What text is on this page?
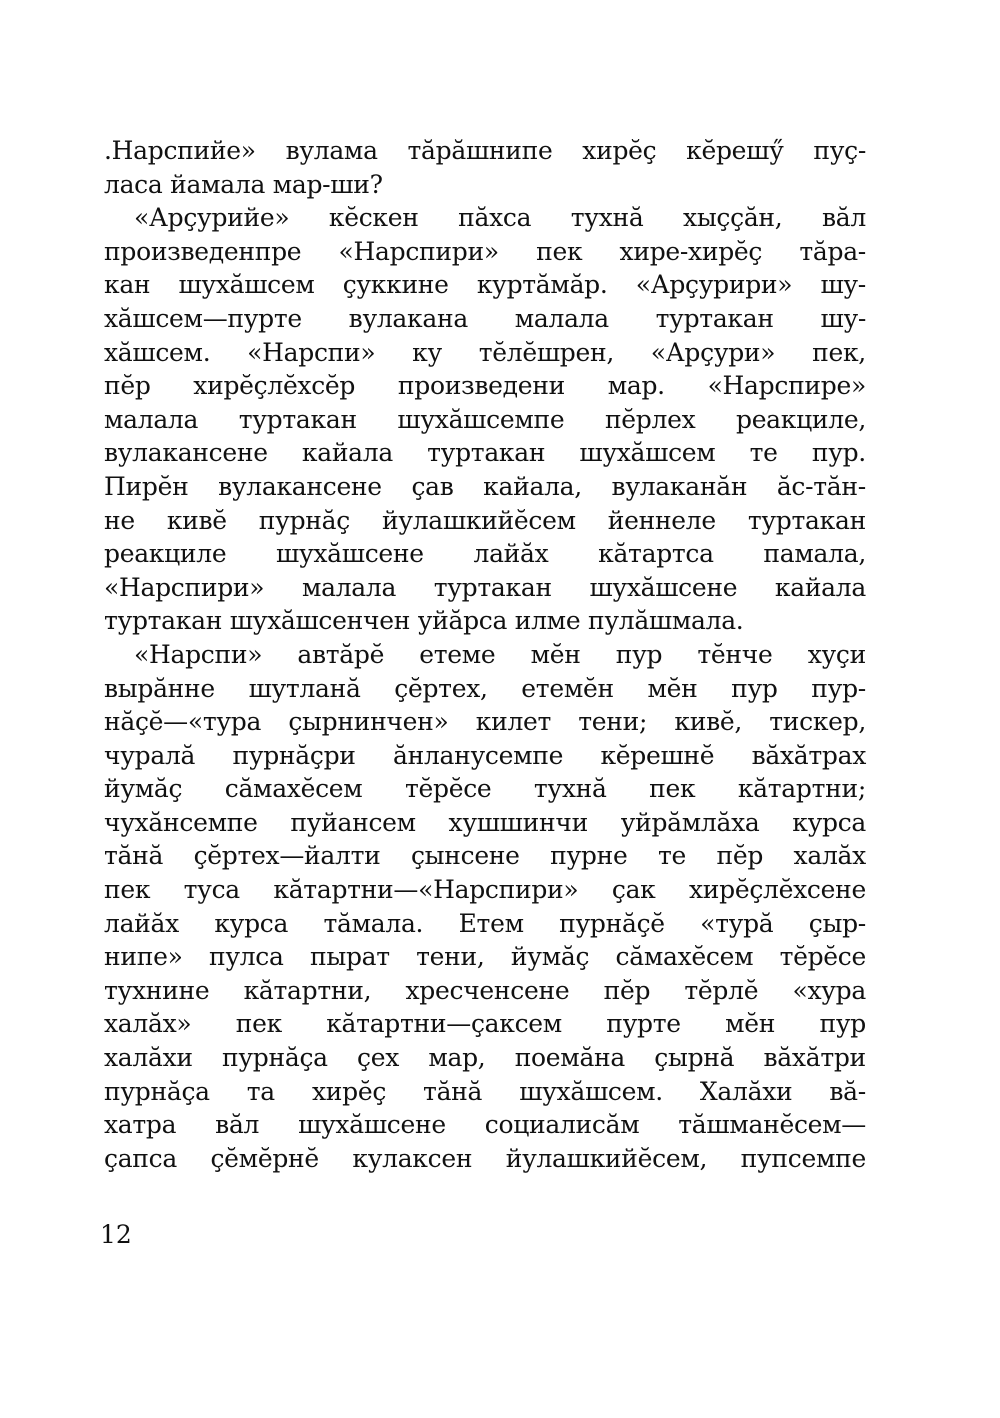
.Нарспийе» вулама тăрăшнипе хирĕç кĕрешӳ пуç-
ласа йамала мар-ши?
«Арçурийе» кĕскен пăхса тухнă хыççăн, вăл
произведенпре «Нарспири» пек хире-хирĕç тăра-
кан шухăшсем çуккине куртăмăр. «Арçурири» шу-
хăшсем—пурте вулакана малала туртакан шу-
хăшсем. «Нарспи» ку тĕлĕшрен, «Арçури» пек,
пĕр хирĕçлĕхсĕр произведени мар. «Нарспире»
малала туртакан шухăшсемпе пĕрлех реакциле,
вулакансене кайала туртакан шухăшсем те пур.
Пирĕн вулакансене çав кайала, вулаканăн ăс-тăн-
не кивĕ пурнăç йулашкийĕсем йеннеле туртакан
реакциле шухăшсене лайăх кăтартса памала,
«Нарспири» малала туртакан шухăшсене кайала
туртакан шухăшсенчен уйăрса илме пулăшмала.
«Нарспи» автăрĕ етеме мĕн пур тĕнче хуçи
вырăнне шутланă çĕртех, етемĕн мĕн пур пур-
нăçĕ—«тура çырнинчен» килет тени; кивĕ, тискер,
чуралă пурнăçри ăнланусемпе кĕрешнĕ вăхăтрах
йумăç сăмахĕсем тĕрĕсе тухнă пек кăтартни;
чухăнсемпе пуйансем хушшинчи уйрăмлăха курса
тăнă çĕртех—йалти çынсене пурне те пĕр халăх
пек туса кăтартни—«Нарспири» çак хирĕçлĕхсене
лайăх курса тăмала. Етем пурнăçĕ «турă çыр-
нипе» пулса пырат тени, йумăç сăмахĕсем тĕрĕсе
тухнине кăтартни, хресченсене пĕр тĕрлĕ «хура
халăх» пек кăтартни—çаксем пурте мĕн пур
халăхи пурнăçа çех мар, поемăна çырнă вăхăтри
пурнăçа та хирĕç тăнă шухăшсем. Халăхи вă-
хатра вăл шухăшсене социалисăм тăшманĕсем—
çапса çĕмĕрнĕ кулаксен йулашкийĕсем, пупсемпе
12
